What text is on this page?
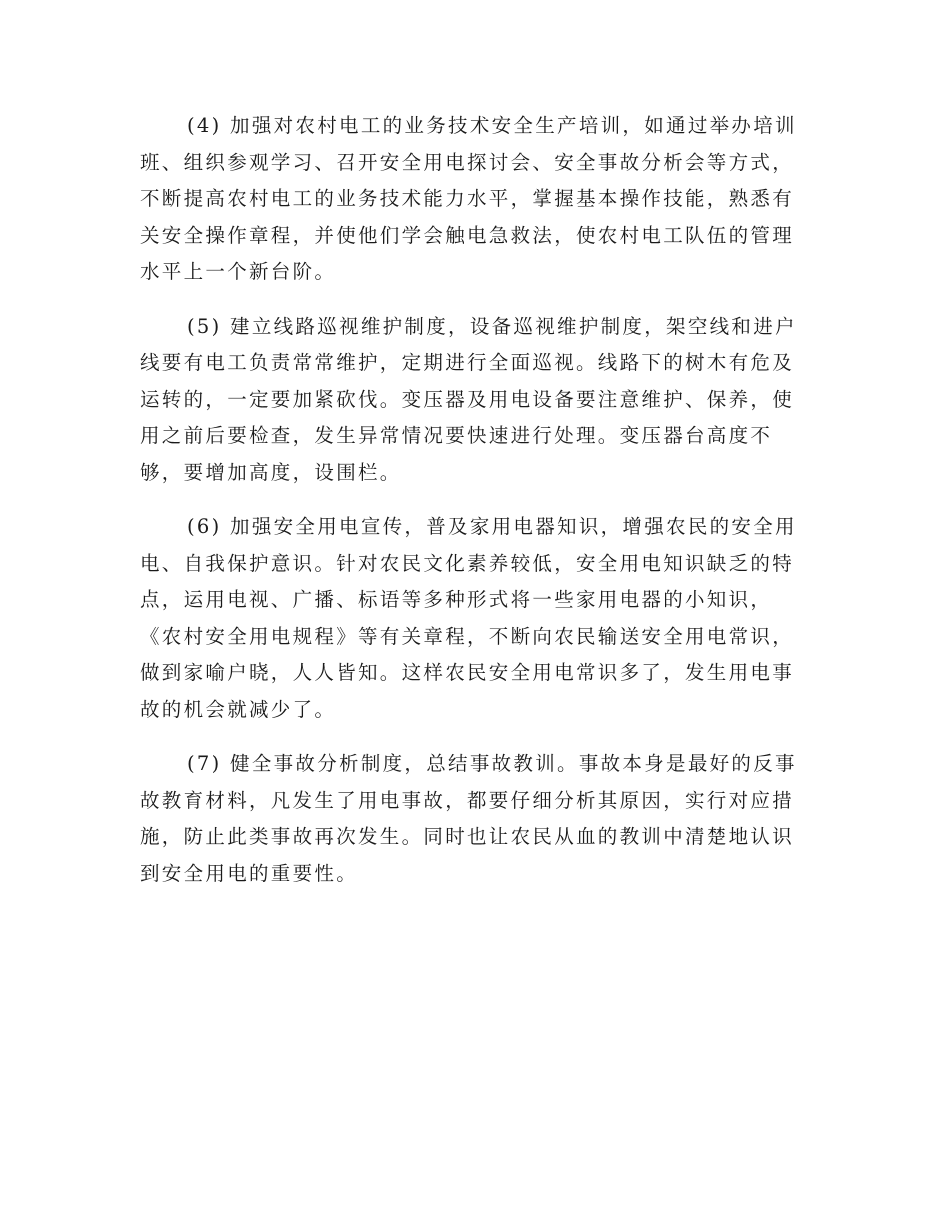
(4) 加强对农村电工的业务技术安全生产培训，如通过举办培训
班、组织参观学习、召开安全用电探讨会、安全事故分析会等方式，
不断提高农村电工的业务技术能力水平，掌握基本操作技能，熟悉有
关安全操作章程，并使他们学会触电急救法，使农村电工队伍的管理
水平上一个新台阶。

(5) 建立线路巡视维护制度，设备巡视维护制度，架空线和进户
线要有电工负责常常维护，定期进行全面巡视。线路下的树木有危及
运转的，一定要加紧砍伐。变压器及用电设备要注意维护、保养，使
用之前后要检查，发生异常情况要快速进行处理。变压器台高度不
够，要增加高度，设围栏。

(6) 加强安全用电宣传，普及家用电器知识，增强农民的安全用
电、自我保护意识。针对农民文化素养较低，安全用电知识缺乏的特
点，运用电视、广播、标语等多种形式将一些家用电器的小知识，
《农村安全用电规程》等有关章程，不断向农民输送安全用电常识，
做到家喻户晓，人人皆知。这样农民安全用电常识多了，发生用电事
故的机会就减少了。

(7) 健全事故分析制度，总结事故教训。事故本身是最好的反事
故教育材料，凡发生了用电事故，都要仔细分析其原因，实行对应措
施，防止此类事故再次发生。同时也让农民从血的教训中清楚地认识
到安全用电的重要性。
